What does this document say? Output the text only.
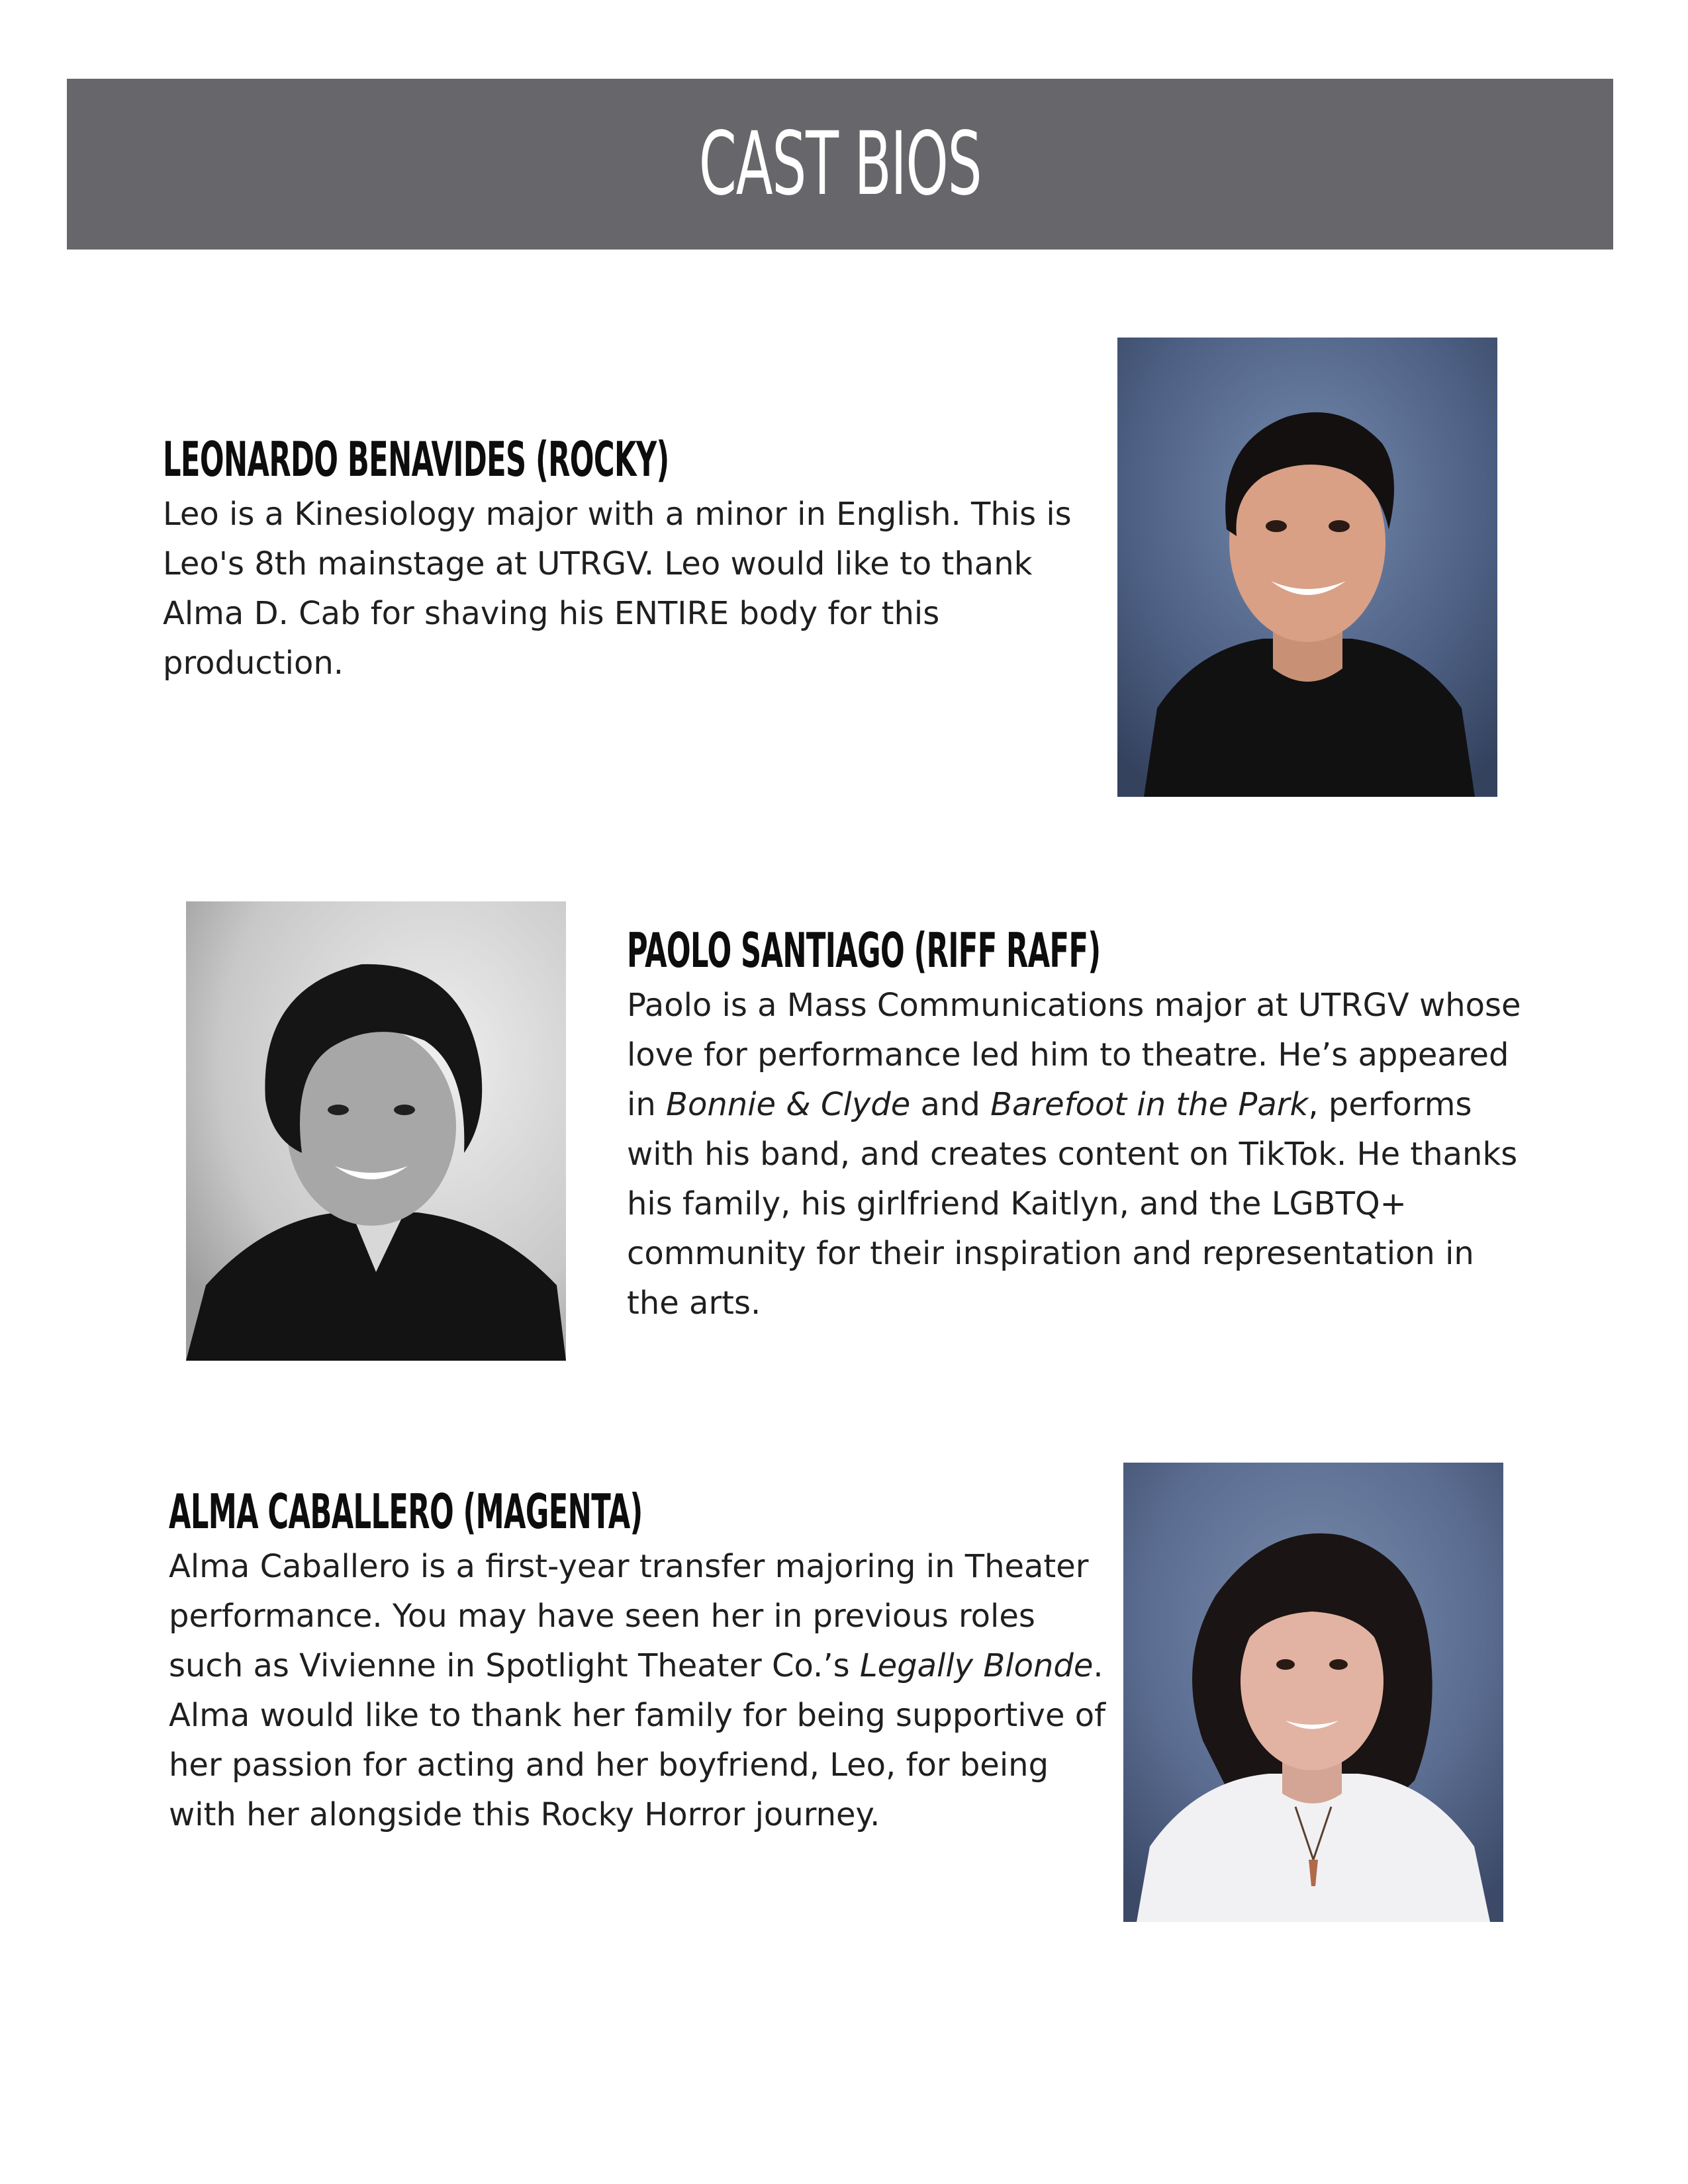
CAST BIOS
LEONARDO BENAVIDES (ROCKY)
Leo is a Kinesiology major with a minor in English. This is Leo's 8th mainstage at UTRGV. Leo would like to thank Alma D. Cab for shaving his ENTIRE body for this production.
PAOLO SANTIAGO (RIFF RAFF)
Paolo is a Mass Communications major at UTRGV whose love for performance led him to theatre. He’s appeared in Bonnie & Clyde and Barefoot in the Park, performs with his band, and creates content on TikTok. He thanks his family, his girlfriend Kaitlyn, and the LGBTQ+ community for their inspiration and representation in the arts.
ALMA CABALLERO (MAGENTA)
Alma Caballero is a first-year transfer majoring in Theater performance. You may have seen her in previous roles such as Vivienne in Spotlight Theater Co.’s Legally Blonde. Alma would like to thank her family for being supportive of her passion for acting and her boyfriend, Leo, for being with her alongside this Rocky Horror journey.
